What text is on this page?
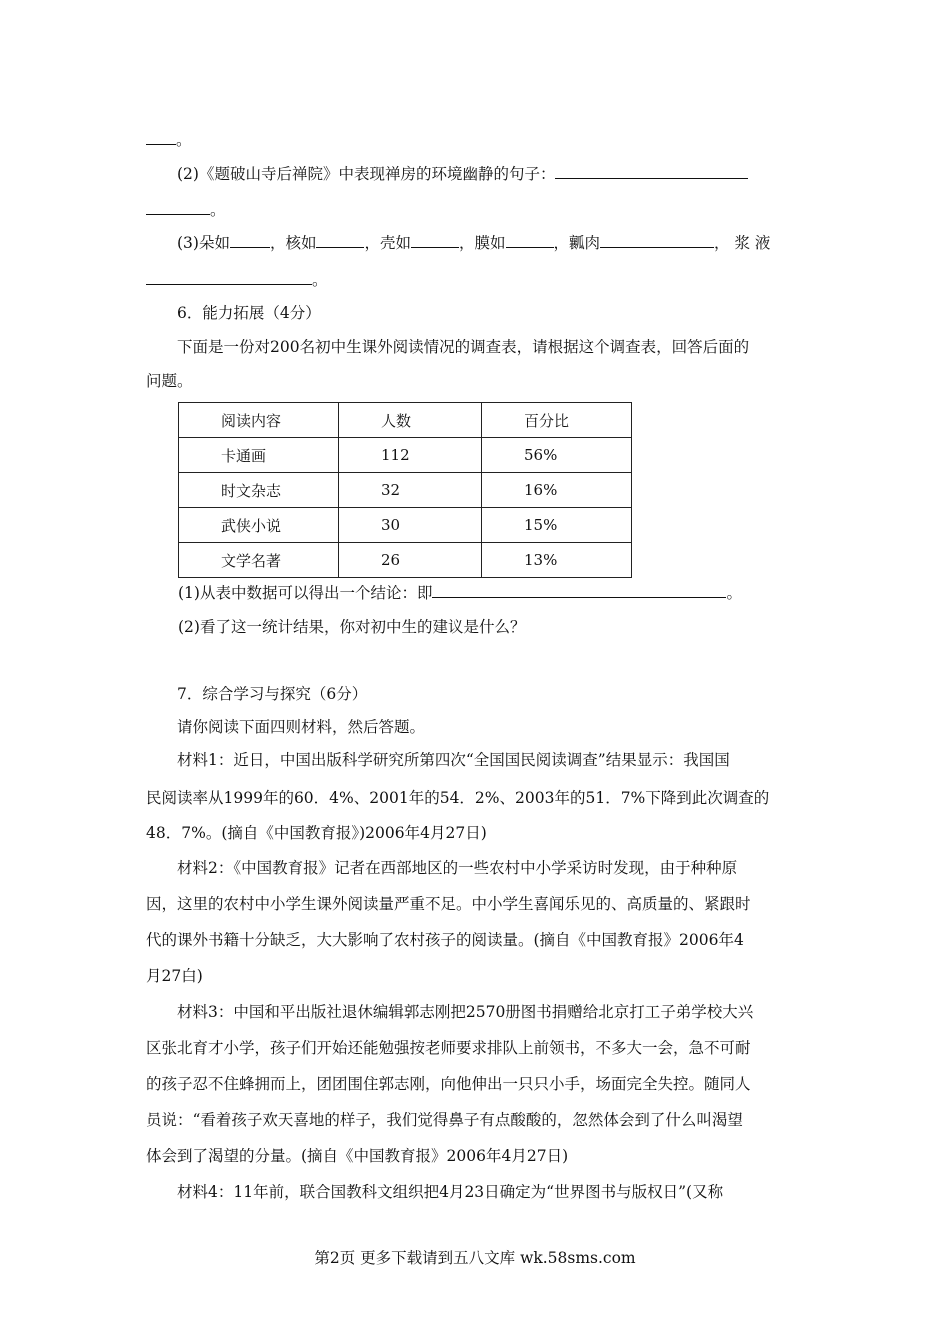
。
(2)《题破山寺后禅院》中表现禅房的环境幽静的句子：
。
(3)朵如	，核如	，壳如	，膜如	，瓤肉	， 浆 液
。
6．能力拓展（4分）
下面是一份对200名初中生课外阅读情况的调查表，请根据这个调查表，回答后面的
问题。
阅读内容	人数	百分比
卡通画	112	56%
时文杂志	32	16%
武侠小说	30	15%
文学名著	26	13%
(1)从表中数据可以得出一个结论：即	。
(2)看了这一统计结果，你对初中生的建议是什么？
7．综合学习与探究（6分）
请你阅读下面四则材料，然后答题。
材料1：近日，中国出版科学研究所第四次“全国国民阅读调查”结果显示：我国国
民阅读率从1999年的60．4%、2001年的54．2%、2003年的51．7%下降到此次调查的
48．7%。(摘自《中国教育报》)2006年4月27日)
材料2：《中国教育报》记者在西部地区的一些农村中小学采访时发现，由于种种原
因，这里的农村中小学生课外阅读量严重不足。中小学生喜闻乐见的、高质量的、紧跟时
代的课外书籍十分缺乏，大大影响了农村孩子的阅读量。(摘自《中国教育报》2006年4
月27白)
材料3：中国和平出版社退休编辑郭志刚把2570册图书捐赠给北京打工子弟学校大兴
区张北育才小学，孩子们开始还能勉强按老师要求排队上前领书，不多大一会，急不可耐
的孩子忍不住蜂拥而上，团团围住郭志刚，向他伸出一只只小手，场面完全失控。随同人
员说：“看着孩子欢天喜地的样子，我们觉得鼻子有点酸酸的，忽然体会到了什么叫渴望
体会到了渴望的分量。(摘自《中国教育报》2006年4月27日)
材料4：11年前，联合国教科文组织把4月23日确定为“世界图书与版权日”(又称
第2页 更多下载请到五八文库 wk.58sms.com
